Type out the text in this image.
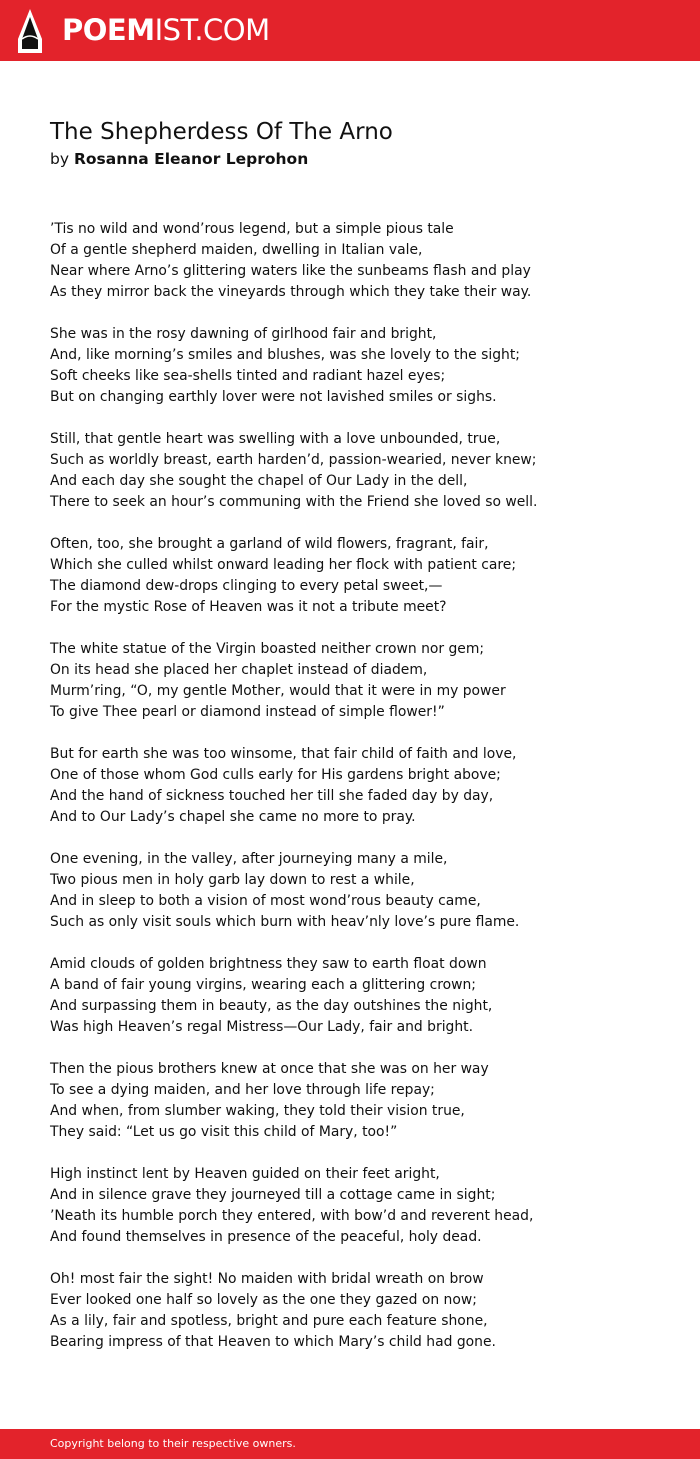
POEMIST.COM
The Shepherdess Of The Arno
by Rosanna Eleanor Leprohon
’Tis no wild and wond’rous legend, but a simple pious tale
Of a gentle shepherd maiden, dwelling in Italian vale,
Near where Arno’s glittering waters like the sunbeams flash and play
As they mirror back the vineyards through which they take their way.
She was in the rosy dawning of girlhood fair and bright,
And, like morning’s smiles and blushes, was she lovely to the sight;
Soft cheeks like sea-shells tinted and radiant hazel eyes;
But on changing earthly lover were not lavished smiles or sighs.
Still, that gentle heart was swelling with a love unbounded, true,
Such as worldly breast, earth harden’d, passion-wearied, never knew;
And each day she sought the chapel of Our Lady in the dell,
There to seek an hour’s communing with the Friend she loved so well.
Often, too, she brought a garland of wild flowers, fragrant, fair,
Which she culled whilst onward leading her flock with patient care;
The diamond dew-drops clinging to every petal sweet,—
For the mystic Rose of Heaven was it not a tribute meet?
The white statue of the Virgin boasted neither crown nor gem;
On its head she placed her chaplet instead of diadem,
Murm’ring, “O, my gentle Mother, would that it were in my power
To give Thee pearl or diamond instead of simple flower!”
But for earth she was too winsome, that fair child of faith and love,
One of those whom God culls early for His gardens bright above;
And the hand of sickness touched her till she faded day by day,
And to Our Lady’s chapel she came no more to pray.
One evening, in the valley, after journeying many a mile,
Two pious men in holy garb lay down to rest a while,
And in sleep to both a vision of most wond’rous beauty came,
Such as only visit souls which burn with heav’nly love’s pure flame.
Amid clouds of golden brightness they saw to earth float down
A band of fair young virgins, wearing each a glittering crown;
And surpassing them in beauty, as the day outshines the night,
Was high Heaven’s regal Mistress—Our Lady, fair and bright.
Then the pious brothers knew at once that she was on her way
To see a dying maiden, and her love through life repay;
And when, from slumber waking, they told their vision true,
They said: “Let us go visit this child of Mary, too!”
High instinct lent by Heaven guided on their feet aright,
And in silence grave they journeyed till a cottage came in sight;
’Neath its humble porch they entered, with bow’d and reverent head,
And found themselves in presence of the peaceful, holy dead.
Oh! most fair the sight! No maiden with bridal wreath on brow
Ever looked one half so lovely as the one they gazed on now;
As a lily, fair and spotless, bright and pure each feature shone,
Bearing impress of that Heaven to which Mary’s child had gone.
Copyright belong to their respective owners.
